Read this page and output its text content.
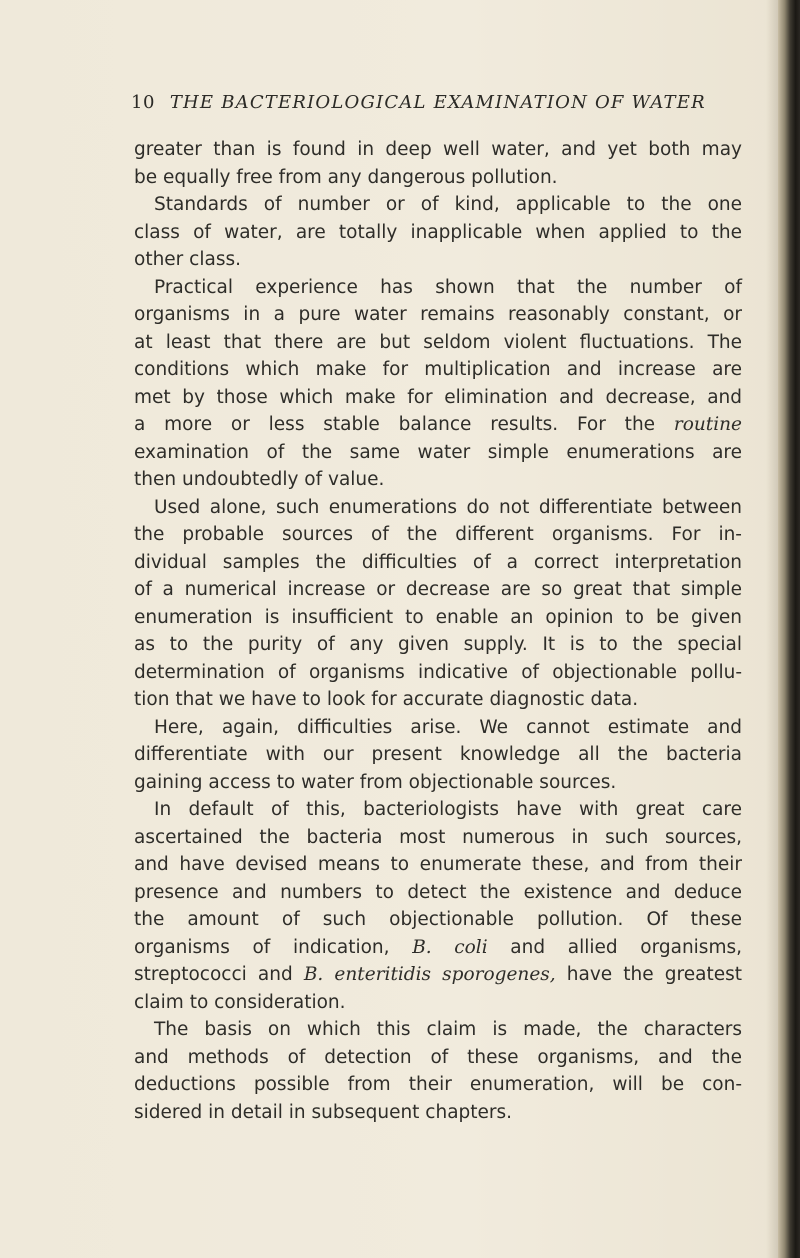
10 THE BACTERIOLOGICAL EXAMINATION OF WATER
greater than is found in deep well water, and yet both may
be equally free from any dangerous pollution.
Standards of number or of kind, applicable to the one
class of water, are totally inapplicable when applied to the
other class.
Practical experience has shown that the number of
organisms in a pure water remains reasonably constant, or
at least that there are but seldom violent fluctuations. The
conditions which make for multiplication and increase are
met by those which make for elimination and decrease, and
a more or less stable balance results. For the routine
examination of the same water simple enumerations are
then undoubtedly of value.
Used alone, such enumerations do not differentiate between
the probable sources of the different organisms. For in-
dividual samples the difficulties of a correct interpretation
of a numerical increase or decrease are so great that simple
enumeration is insufficient to enable an opinion to be given
as to the purity of any given supply. It is to the special
determination of organisms indicative of objectionable pollu-
tion that we have to look for accurate diagnostic data.
Here, again, difficulties arise. We cannot estimate and
differentiate with our present knowledge all the bacteria
gaining access to water from objectionable sources.
In default of this, bacteriologists have with great care
ascertained the bacteria most numerous in such sources,
and have devised means to enumerate these, and from their
presence and numbers to detect the existence and deduce
the amount of such objectionable pollution. Of these
organisms of indication, B. coli and allied organisms,
streptococci and B. enteritidis sporogenes, have the greatest
claim to consideration.
The basis on which this claim is made, the characters
and methods of detection of these organisms, and the
deductions possible from their enumeration, will be con-
sidered in detail in subsequent chapters.
